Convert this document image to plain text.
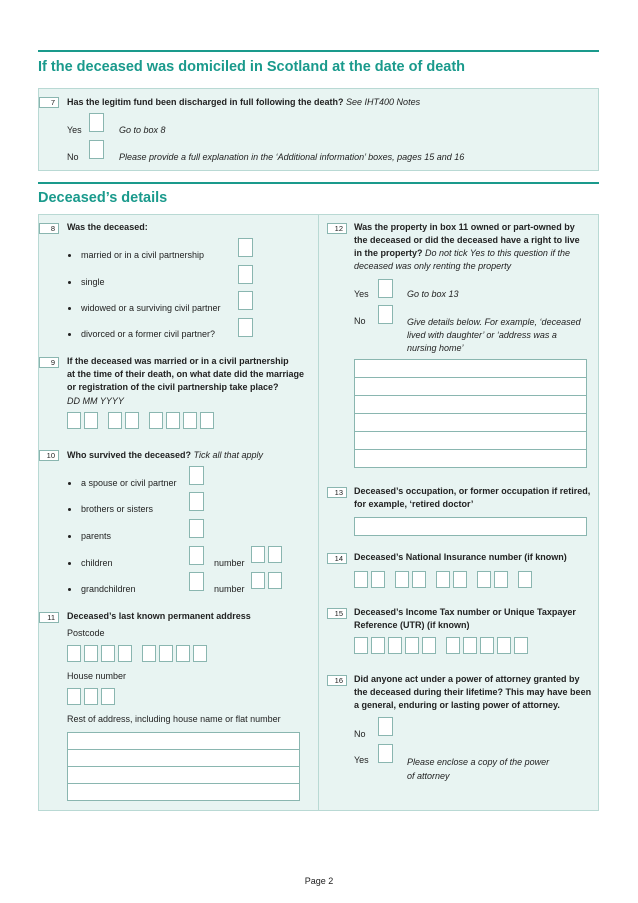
If the deceased was domiciled in Scotland at the date of death
7	Has the legitim fund been discharged in full following the death? See IHT400 Notes
Yes	Go to box 8
No	Please provide a full explanation in the ‘Additional information’ boxes, pages 15 and 16
Deceased’s details
8	Was the deceased:
married or in a civil partnership
single
widowed or a surviving civil partner
divorced or a former civil partner?
9	If the deceased was married or in a civil partnership
at the time of their death, on what date did the marriage
or registration of the civil partnership take place?
DD MM YYYY
10	Who survived the deceased? Tick all that apply
a spouse or civil partner
brothers or sisters
parents
children	number
grandchildren	number
11	Deceased’s last known permanent address
Postcode
House number
Rest of address, including house name or flat number
12	Was the property in box 11 owned or part-owned by
the deceased or did the deceased have a right to live
in the property? Do not tick Yes to this question if the
deceased was only renting the property
Yes	Go to box 13
No	Give details below. For example, ‘deceased
lived with daughter’ or ‘address was a
nursing home’
13	Deceased’s occupation, or former occupation if retired,
for example, ‘retired doctor’
14	Deceased’s National Insurance number (if known)
15	Deceased’s Income Tax number or Unique Taxpayer
Reference (UTR) (if known)
16	Did anyone act under a power of attorney granted by
the deceased during their lifetime? This may have been
a general, enduring or lasting power of attorney.
No
Yes	Please enclose a copy of the power
of attorney
Page 2
